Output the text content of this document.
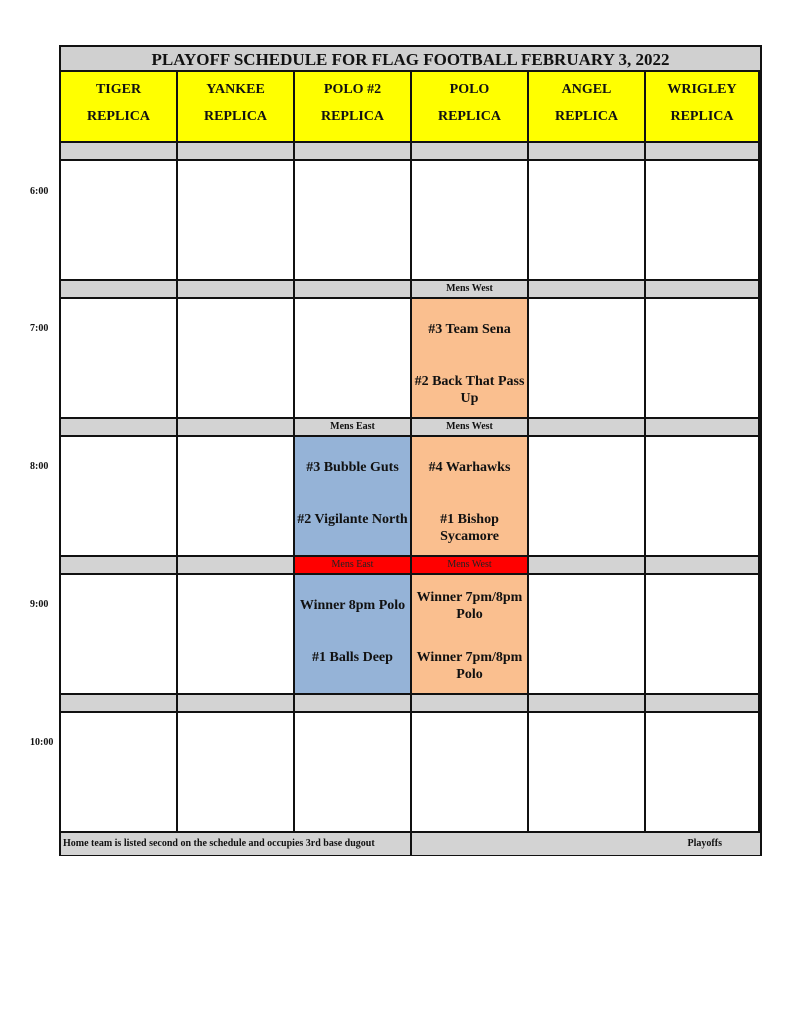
6:00
7:00
8:00
9:00
10:00
PLAYOFF SCHEDULE FOR FLAG FOOTBALL FEBRUARY 3, 2022
TIGER
REPLICA
YANKEE
REPLICA
POLO #2
REPLICA
POLO
REPLICA
ANGEL
REPLICA
WRIGLEY
REPLICA
Mens West
#3 Team Sena
#2 Back That Pass Up
Mens East
#3 Bubble Guts
#2 Vigilante North
Mens West
#4 Warhawks
#1 Bishop Sycamore
Mens East
Winner 8pm Polo
#1 Balls Deep
Mens West
Winner 7pm/8pm Polo
Winner 7pm/8pm Polo
Home team is listed second on the schedule and occupies 3rd base dugout	Playoffs
